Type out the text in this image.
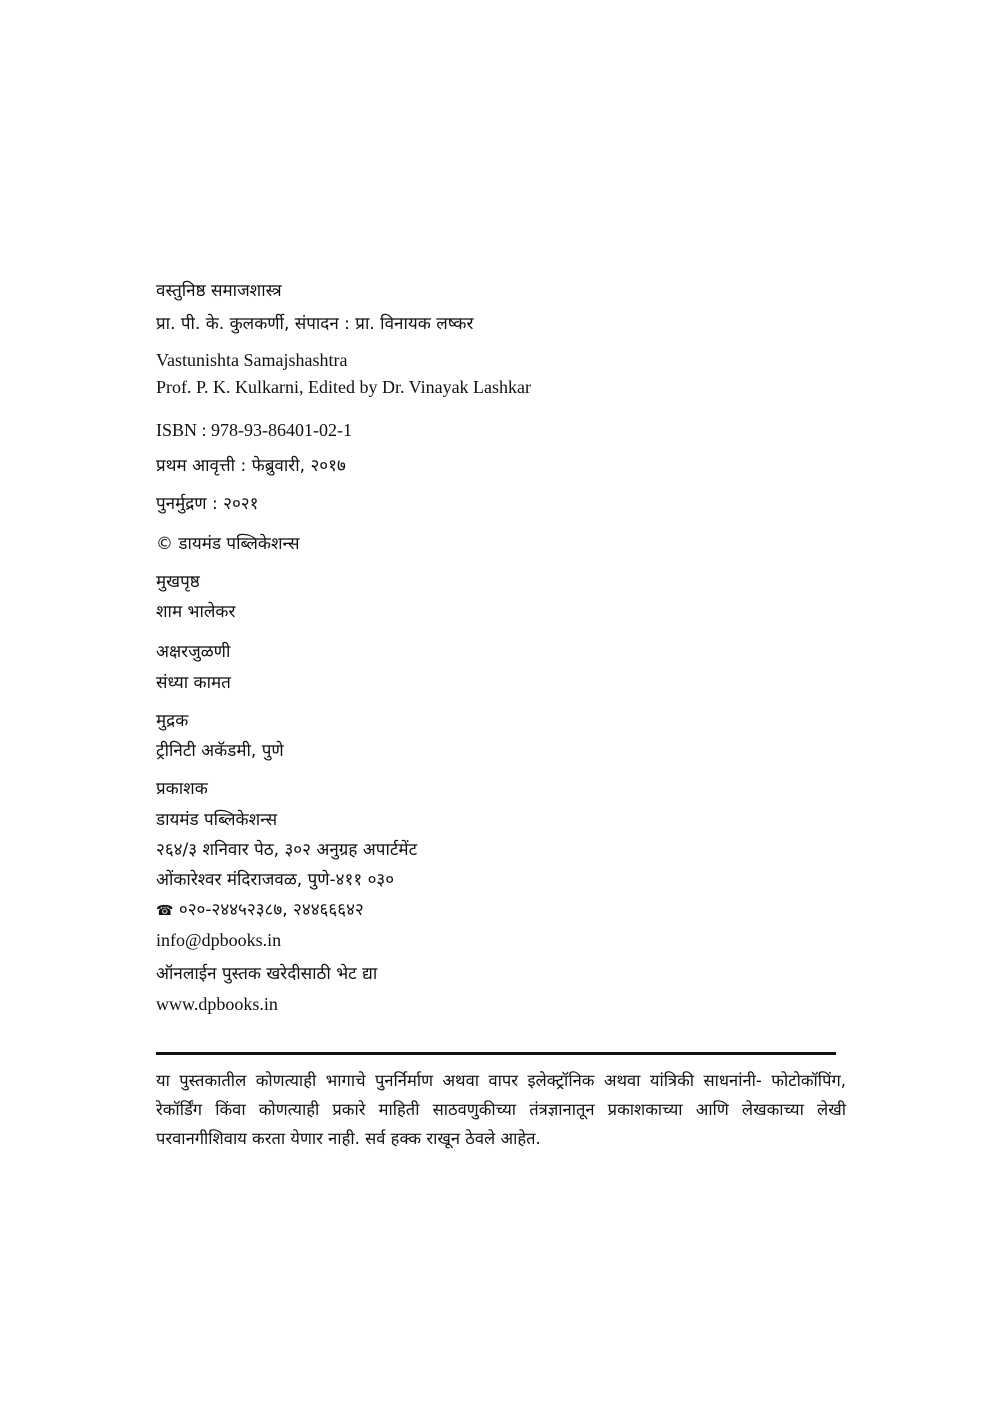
वस्तुनिष्ठ समाजशास्त्र
प्रा. पी. के. कुलकर्णी, संपादन : प्रा. विनायक लष्कर
Vastunishta Samajshashtra
Prof. P. K. Kulkarni, Edited by Dr. Vinayak Lashkar
ISBN : 978-93-86401-02-1
प्रथम आवृत्ती : फेब्रुवारी, २०१७
पुनर्मुद्रण : २०२१
© डायमंड पब्लिकेशन्स
मुखपृष्ठ
शाम भालेकर
अक्षरजुळणी
संध्या कामत
मुद्रक
ट्रीनिटी अकॅडमी, पुणे
प्रकाशक
डायमंड पब्लिकेशन्स
२६४/३ शनिवार पेठ, ३०२ अनुग्रह अपार्टमेंट
ओंकारेश्वर मंदिराजवळ, पुणे-४११ ०३०
☎ ०२०-२४४५२३८७, २४४६६६४२
info@dpbooks.in
ऑनलाईन पुस्तक खरेदीसाठी भेट द्या
www.dpbooks.in
या पुस्तकातील कोणत्याही भागाचे पुनर्निर्माण अथवा वापर इलेक्ट्रॉनिक अथवा यांत्रिकी साधनांनी- फोटोकॉपिंग, रेकॉर्डिंग किंवा कोणत्याही प्रकारे माहिती साठवणुकीच्या तंत्रज्ञानातून प्रकाशकाच्या आणि लेखकाच्या लेखी परवानगीशिवाय करता येणार नाही. सर्व हक्क राखून ठेवले आहेत.
